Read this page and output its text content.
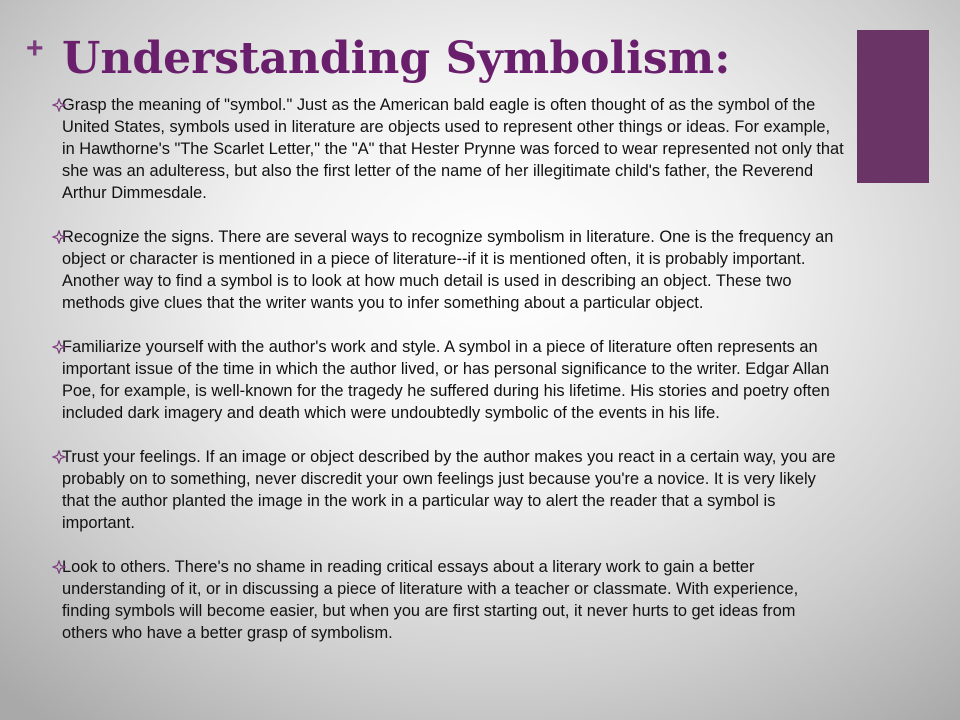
+ Understanding Symbolism:

Grasp the meaning of "symbol." Just as the American bald eagle is often thought of as the symbol of the United States, symbols used in literature are objects used to represent other things or ideas. For example, in Hawthorne's "The Scarlet Letter," the "A" that Hester Prynne was forced to wear represented not only that she was an adulteress, but also the first letter of the name of her illegitimate child's father, the Reverend Arthur Dimmesdale.

Recognize the signs. There are several ways to recognize symbolism in literature. One is the frequency an object or character is mentioned in a piece of literature--if it is mentioned often, it is probably important. Another way to find a symbol is to look at how much detail is used in describing an object. These two methods give clues that the writer wants you to infer something about a particular object.

Familiarize yourself with the author's work and style. A symbol in a piece of literature often represents an important issue of the time in which the author lived, or has personal significance to the writer. Edgar Allan Poe, for example, is well-known for the tragedy he suffered during his lifetime. His stories and poetry often included dark imagery and death which were undoubtedly symbolic of the events in his life.

Trust your feelings. If an image or object described by the author makes you react in a certain way, you are probably on to something, never discredit your own feelings just because you're a novice. It is very likely that the author planted the image in the work in a particular way to alert the reader that a symbol is important.

Look to others. There's no shame in reading critical essays about a literary work to gain a better understanding of it, or in discussing a piece of literature with a teacher or classmate. With experience, finding symbols will become easier, but when you are first starting out, it never hurts to get ideas from others who have a better grasp of symbolism.
